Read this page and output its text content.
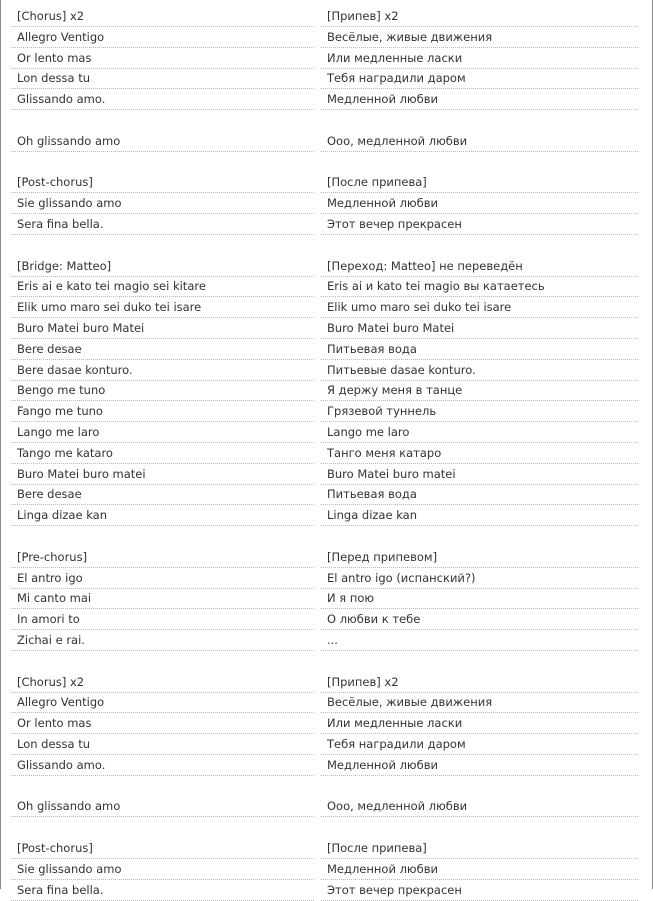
[Chorus] x2	[Припев] x2
Allegro Ventigo	Весёлые, живые движения
Or lento mas	Или медленные ласки
Lon dessa tu	Тебя наградили даром
Glissando amo.	Медленной любви
Oh glissando amo	Ооо, медленной любви
[Post-chorus]	[После припева]
Sie glissando amo	Медленной любви
Sera fina bella.	Этот вечер прекрасен
[Bridge: Matteo]	[Переход: Matteo] не переведён
Eris ai e kato tei magio sei kitare	Eris ai и kato tei magio вы катаетесь
Elik umo maro sei duko tei isare	Elik umo maro sei duko tei isare
Buro Matei buro Matei	Buro Matei buro Matei
Bere desae	Питьевая вода
Bere dasae konturo.	Питьевые dasae konturo.
Bengo me tuno	Я держу меня в танце
Fango me tuno	Грязевой туннель
Lango me laro	Lango me laro
Tango me kataro	Танго меня катаро
Buro Matei buro matei	Buro Matei buro matei
Bere desae	Питьевая вода
Linga dizae kan	Linga dizae kan
[Pre-chorus]	[Перед припевом]
El antro igo	El antro igo (испанский?)
Mi canto mai	И я пою
In amori to	О любви к тебе
Zichai e rai.	...
[Chorus] x2	[Припев] x2
Allegro Ventigo	Весёлые, живые движения
Or lento mas	Или медленные ласки
Lon dessa tu	Тебя наградили даром
Glissando amo.	Медленной любви
Oh glissando amo	Ооо, медленной любви
[Post-chorus]	[После припева]
Sie glissando amo	Медленной любви
Sera fina bella.	Этот вечер прекрасен
